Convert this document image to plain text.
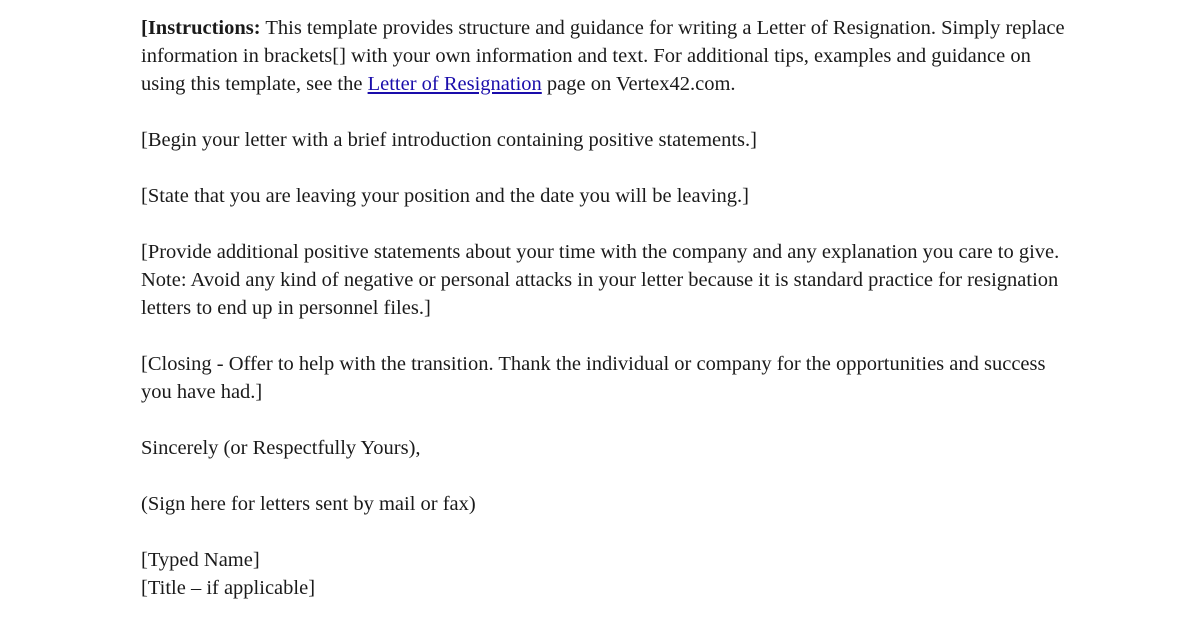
[Instructions: This template provides structure and guidance for writing a Letter of Resignation. Simply replace information in brackets[] with your own information and text. For additional tips, examples and guidance on using this template, see the Letter of Resignation page on Vertex42.com.

[Begin your letter with a brief introduction containing positive statements.]

[State that you are leaving your position and the date you will be leaving.]

[Provide additional positive statements about your time with the company and any explanation you care to give. Note: Avoid any kind of negative or personal attacks in your letter because it is standard practice for resignation letters to end up in personnel files.]

[Closing - Offer to help with the transition. Thank the individual or company for the opportunities and success you have had.]

Sincerely (or Respectfully Yours),

(Sign here for letters sent by mail or fax)

[Typed Name]

[Title – if applicable]
